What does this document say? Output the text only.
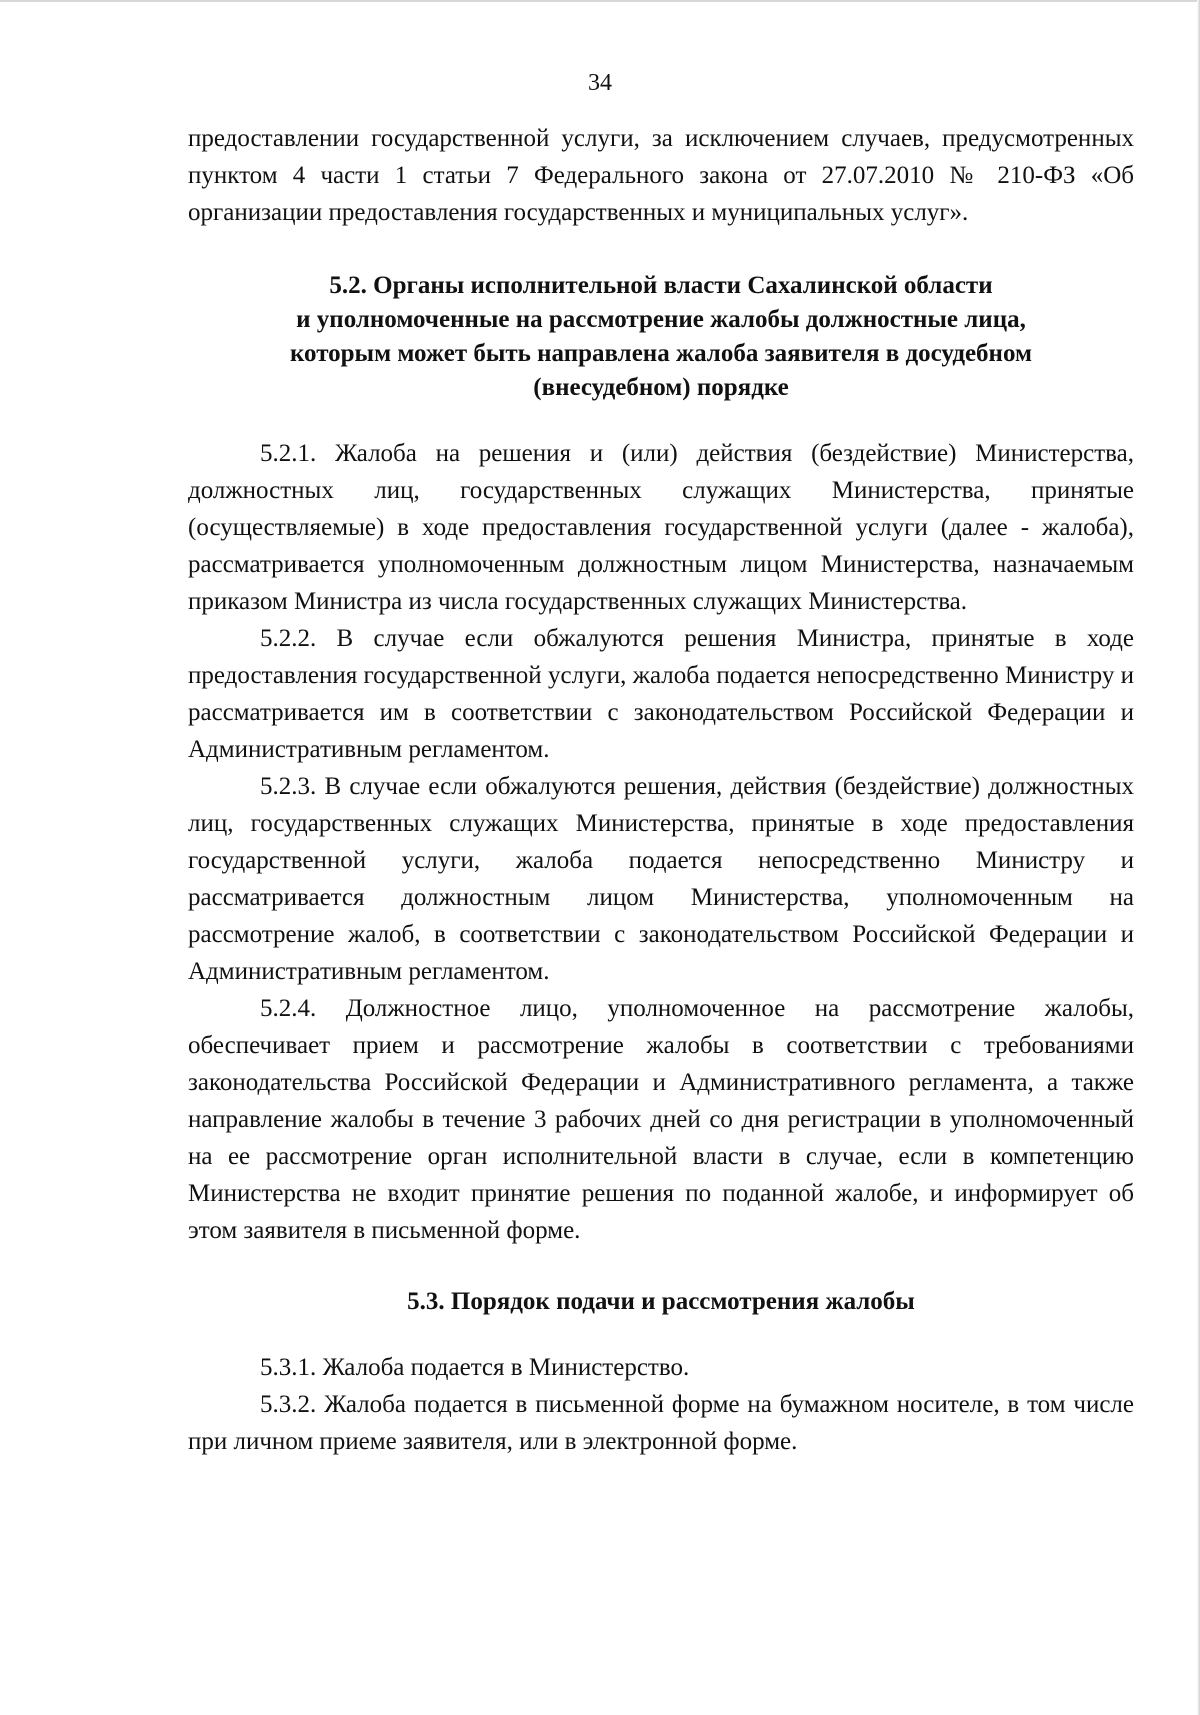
34

предоставлении государственной услуги, за исключением случаев, предусмотренных пунктом 4 части 1 статьи 7 Федерального закона от 27.07.2010 № 210-ФЗ «Об организации предоставления государственных и муниципальных услуг».

5.2. Органы исполнительной власти Сахалинской области
и уполномоченные на рассмотрение жалобы должностные лица,
которым может быть направлена жалоба заявителя в досудебном
(внесудебном) порядке

5.2.1. Жалоба на решения и (или) действия (бездействие) Министерства, должностных лиц, государственных служащих Министерства, принятые (осуществляемые) в ходе предоставления государственной услуги (далее - жалоба), рассматривается уполномоченным должностным лицом Министерства, назначаемым приказом Министра из числа государственных служащих Министерства.

5.2.2. В случае если обжалуются решения Министра, принятые в ходе предоставления государственной услуги, жалоба подается непосредственно Министру и рассматривается им в соответствии с законодательством Российской Федерации и Административным регламентом.

5.2.3. В случае если обжалуются решения, действия (бездействие) должностных лиц, государственных служащих Министерства, принятые в ходе предоставления государственной услуги, жалоба подается непосредственно Министру и рассматривается должностным лицом Министерства, уполномоченным на рассмотрение жалоб, в соответствии с законодательством Российской Федерации и Административным регламентом.

5.2.4. Должностное лицо, уполномоченное на рассмотрение жалобы, обеспечивает прием и рассмотрение жалобы в соответствии с требованиями законодательства Российской Федерации и Административного регламента, а также направление жалобы в течение 3 рабочих дней со дня регистрации в уполномоченный на ее рассмотрение орган исполнительной власти в случае, если в компетенцию Министерства не входит принятие решения по поданной жалобе, и информирует об этом заявителя в письменной форме.

5.3. Порядок подачи и рассмотрения жалобы

5.3.1. Жалоба подается в Министерство.

5.3.2. Жалоба подается в письменной форме на бумажном носителе, в том числе при личном приеме заявителя, или в электронной форме.
